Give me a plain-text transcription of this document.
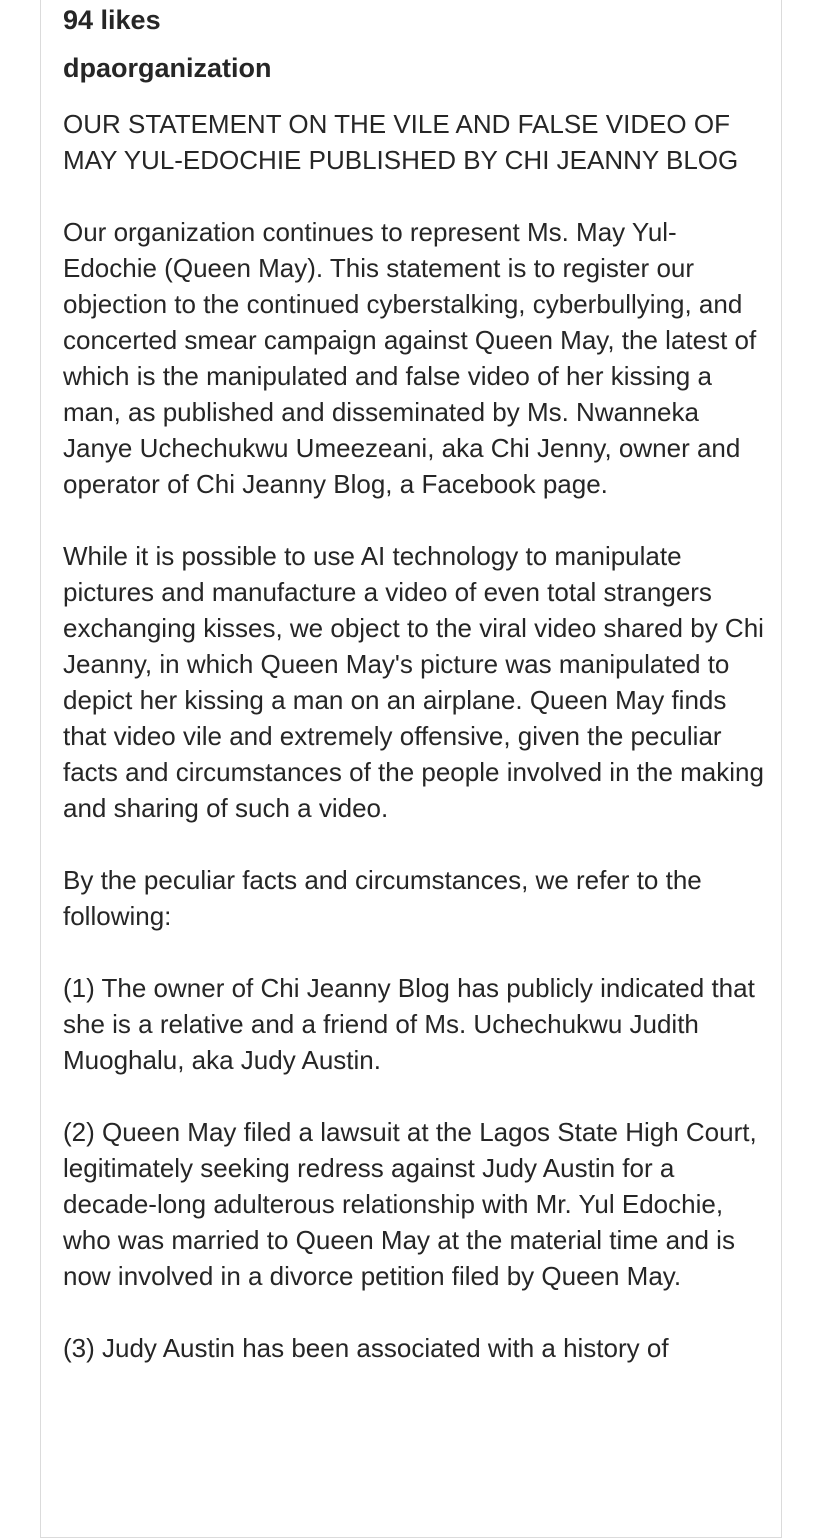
94 likes
dpaorganization

OUR STATEMENT ON THE VILE AND FALSE VIDEO OF MAY YUL-EDOCHIE PUBLISHED BY CHI JEANNY BLOG

Our organization continues to represent Ms. May Yul-Edochie (Queen May). This statement is to register our objection to the continued cyberstalking, cyberbullying, and concerted smear campaign against Queen May, the latest of which is the manipulated and false video of her kissing a man, as published and disseminated by Ms. Nwanneka Janye Uchechukwu Umeezeani, aka Chi Jenny, owner and operator of Chi Jeanny Blog, a Facebook page.

While it is possible to use AI technology to manipulate pictures and manufacture a video of even total strangers exchanging kisses, we object to the viral video shared by Chi Jeanny, in which Queen May's picture was manipulated to depict her kissing a man on an airplane. Queen May finds that video vile and extremely offensive, given the peculiar facts and circumstances of the people involved in the making and sharing of such a video.

By the peculiar facts and circumstances, we refer to the following:

(1) The owner of Chi Jeanny Blog has publicly indicated that she is a relative and a friend of Ms. Uchechukwu Judith Muoghalu, aka Judy Austin.

(2) Queen May filed a lawsuit at the Lagos State High Court, legitimately seeking redress against Judy Austin for a decade-long adulterous relationship with Mr. Yul Edochie, who was married to Queen May at the material time and is now involved in a divorce petition filed by Queen May.

(3) Judy Austin has been associated with a history of
